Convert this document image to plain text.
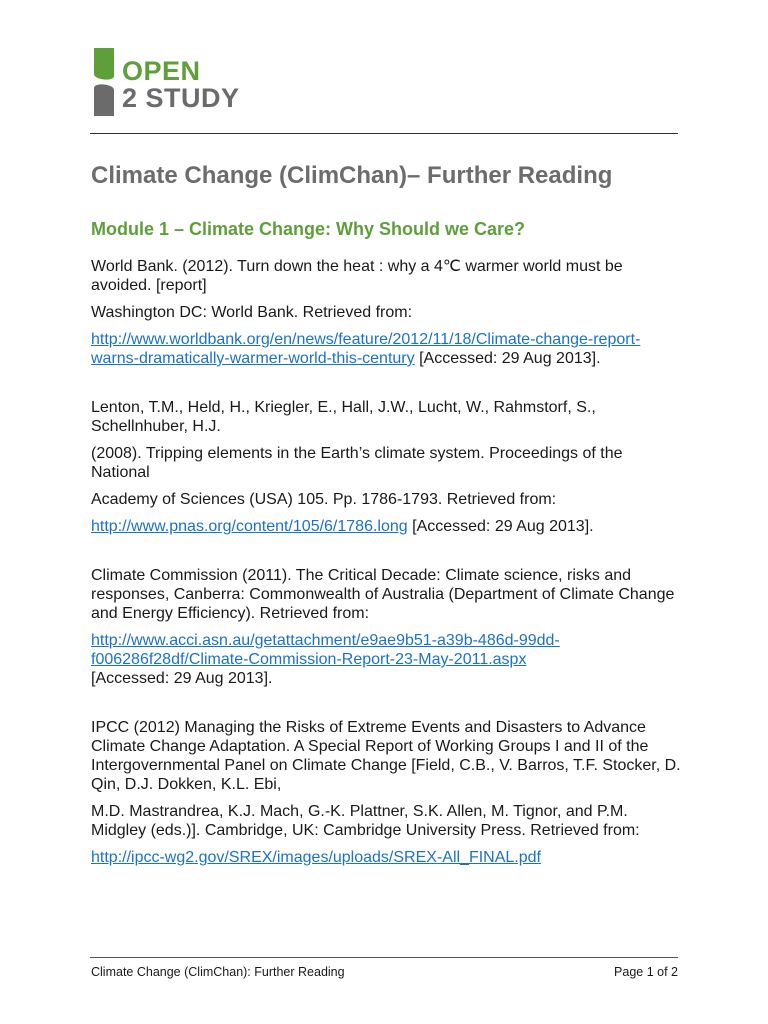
OPEN
2 STUDY
Climate Change (ClimChan)– Further Reading
Module 1 – Climate Change: Why Should we Care?

World Bank. (2012). Turn down the heat : why a 4℃ warmer world must be avoided. [report]

Washington DC: World Bank. Retrieved from:

http://www.worldbank.org/en/news/feature/2012/11/18/Climate-change-report-warns-dramatically-warmer-world-this-century [Accessed: 29 Aug 2013].

Lenton, T.M., Held, H., Kriegler, E., Hall, J.W., Lucht, W., Rahmstorf, S., Schellnhuber, H.J.

(2008). Tripping elements in the Earth’s climate system. Proceedings of the National

Academy of Sciences (USA) 105. Pp. 1786-1793. Retrieved from:

http://www.pnas.org/content/105/6/1786.long [Accessed: 29 Aug 2013].

Climate Commission (2011). The Critical Decade: Climate science, risks and responses, Canberra: Commonwealth of Australia (Department of Climate Change and Energy Efficiency). Retrieved from:

http://www.acci.asn.au/getattachment/e9ae9b51-a39b-486d-99dd-f006286f28df/Climate-Commission-Report-23-May-2011.aspx

[Accessed: 29 Aug 2013].

IPCC (2012) Managing the Risks of Extreme Events and Disasters to Advance Climate Change Adaptation. A Special Report of Working Groups I and II of the Intergovernmental Panel on Climate Change [Field, C.B., V. Barros, T.F. Stocker, D. Qin, D.J. Dokken, K.L. Ebi,

M.D. Mastrandrea, K.J. Mach, G.-K. Plattner, S.K. Allen, M. Tignor, and P.M. Midgley (eds.)]. Cambridge, UK: Cambridge University Press. Retrieved from:

http://ipcc-wg2.gov/SREX/images/uploads/SREX-All_FINAL.pdf

Climate Change (ClimChan): Further Reading	Page 1 of 2
